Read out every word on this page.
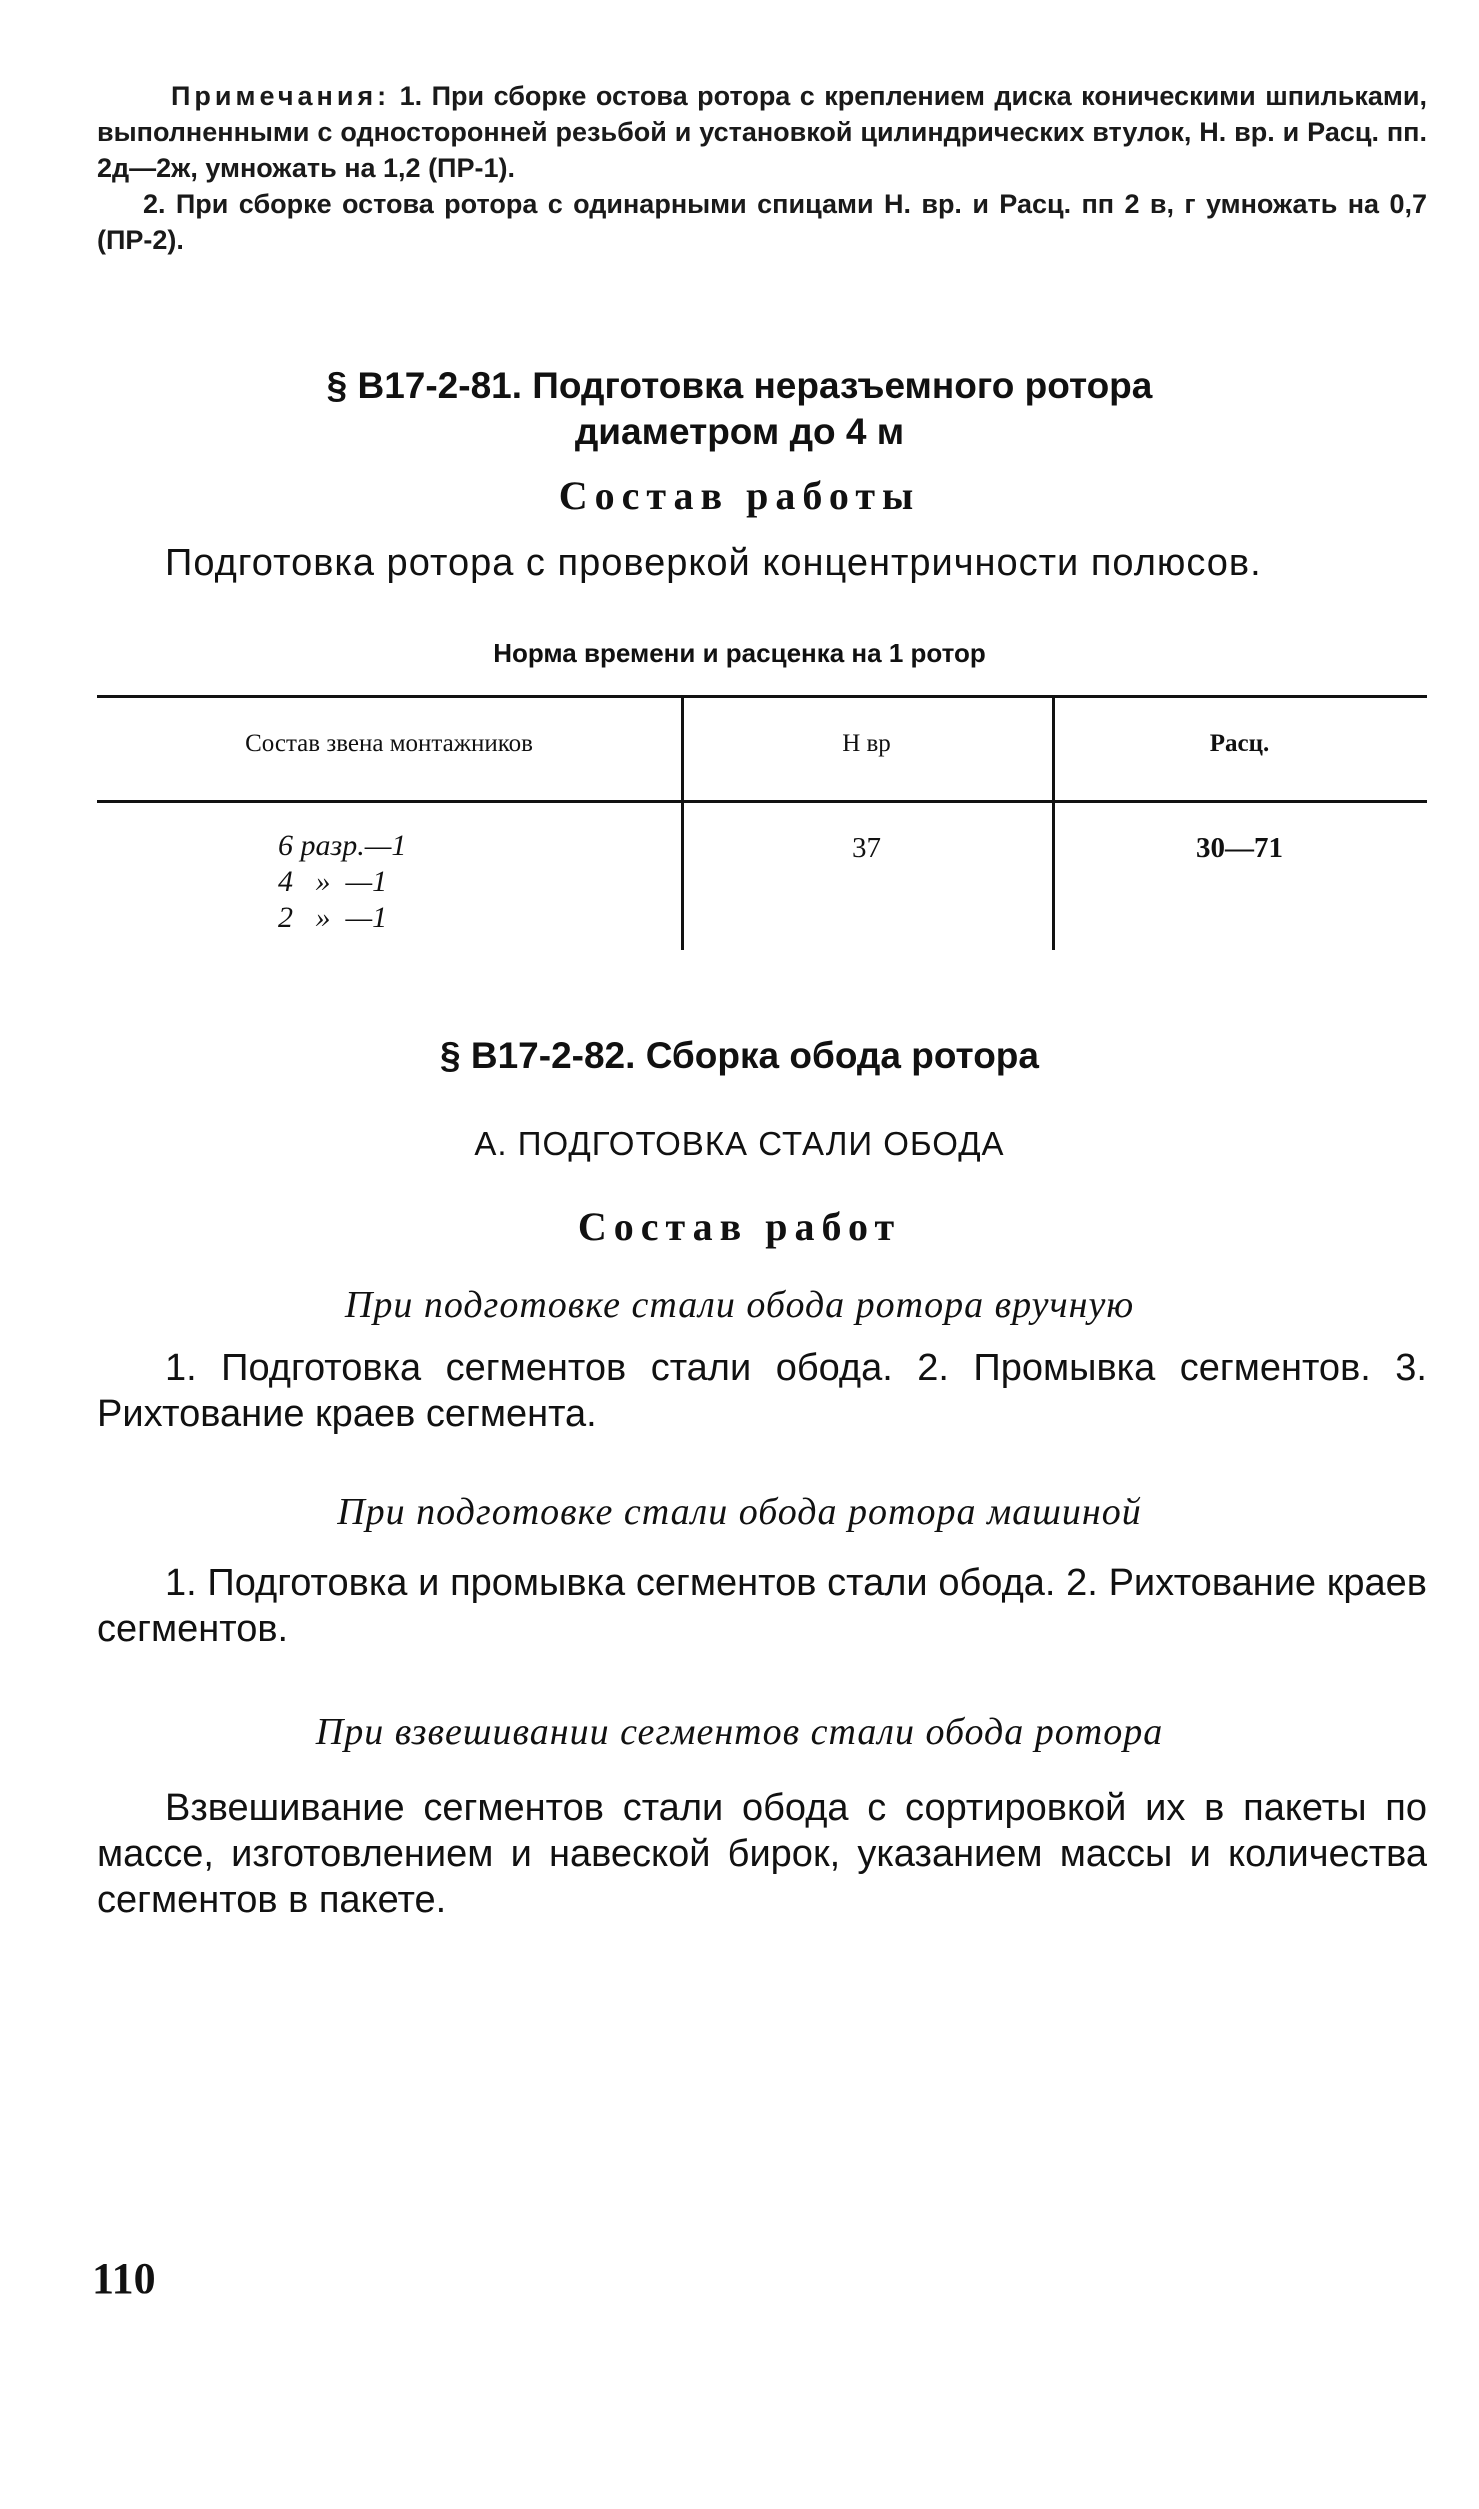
Примечания: 1. При сборке остова ротора с креплением диска коническими шпильками, выполненными с односторонней резьбой и установкой цилиндрических втулок, Н. вр. и Расц. пп. 2д—2ж, умножать на 1,2 (ПР-1).

2. При сборке остова ротора с одинарными спицами Н. вр. и Расц. пп 2 в, г умножать на 0,7 (ПР-2).

§ В17-2-81. Подготовка неразъемного ротора
диаметром до 4 м
Состав работы
Подготовка ротора с проверкой концентричности полюсов.
Норма времени и расценка на 1 ротор
Состав звена монтажников	Н вр	Расц.
6 разр.—1
4   »  —1
2   »  —1
37	30—71
§ В17-2-82. Сборка обода ротора
А. ПОДГОТОВКА СТАЛИ ОБОДА
Состав работ
При подготовке стали обода ротора вручную
1. Подготовка сегментов стали обода. 2. Промывка сегментов. 3. Рихтование краев сегмента.
При подготовке стали обода ротора машиной
1. Подготовка и промывка сегментов стали обода. 2. Рихтование краев сегментов.
При взвешивании сегментов стали обода ротора
Взвешивание сегментов стали обода с сортировкой их в пакеты по массе, изготовлением и навеской бирок, указанием массы и количества сегментов в пакете.
110
